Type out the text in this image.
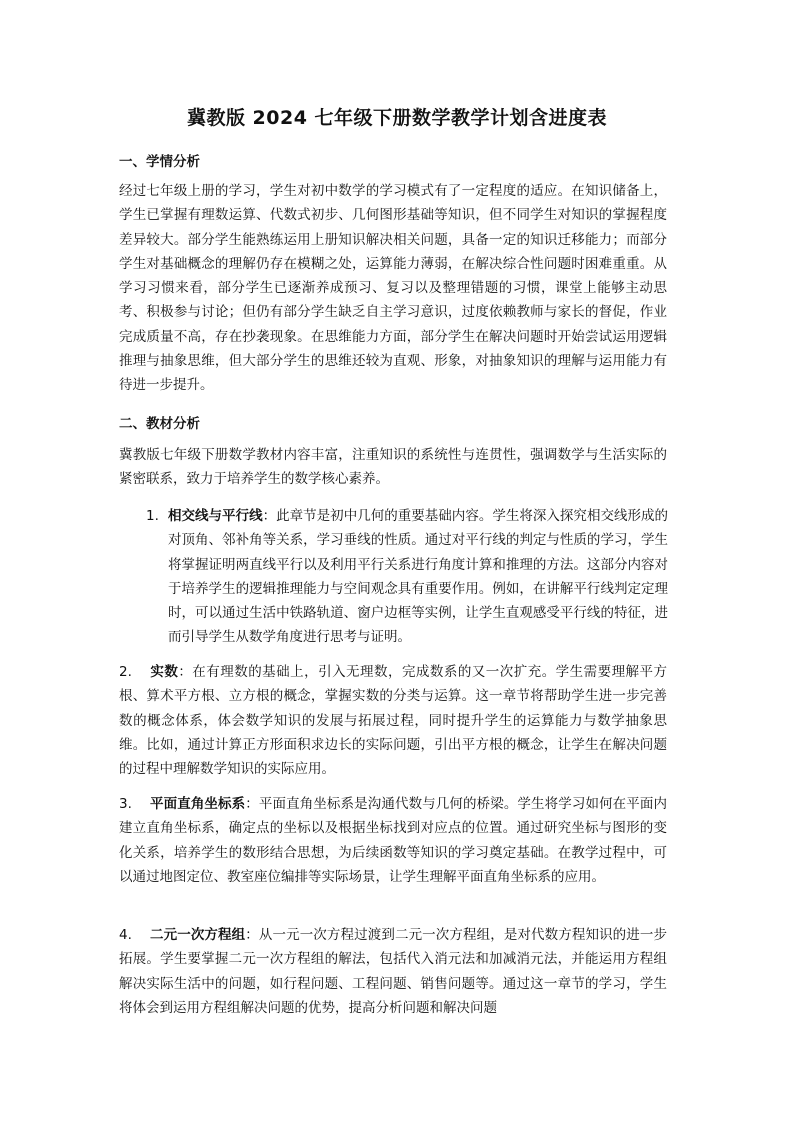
冀教版 2024 七年级下册数学教学计划含进度表
一、学情分析

经过七年级上册的学习，学生对初中数学的学习模式有了一定程度的适应。在知识储备上，学生已掌握有理数运算、代数式初步、几何图形基础等知识，但不同学生对知识的掌握程度差异较大。部分学生能熟练运用上册知识解决相关问题，具备一定的知识迁移能力；而部分学生对基础概念的理解仍存在模糊之处，运算能力薄弱，在解决综合性问题时困难重重。从学习习惯来看，部分学生已逐渐养成预习、复习以及整理错题的习惯，课堂上能够主动思考、积极参与讨论；但仍有部分学生缺乏自主学习意识，过度依赖教师与家长的督促，作业完成质量不高，存在抄袭现象。在思维能力方面，部分学生在解决问题时开始尝试运用逻辑推理与抽象思维，但大部分学生的思维还较为直观、形象，对抽象知识的理解与运用能力有待进一步提升。

二、教材分析

冀教版七年级下册数学教材内容丰富，注重知识的系统性与连贯性，强调数学与生活实际的紧密联系，致力于培养学生的数学核心素养。

1. 相交线与平行线：此章节是初中几何的重要基础内容。学生将深入探究相交线形成的对顶角、邻补角等关系，学习垂线的性质。通过对平行线的判定与性质的学习，学生将掌握证明两直线平行以及利用平行关系进行角度计算和推理的方法。这部分内容对于培养学生的逻辑推理能力与空间观念具有重要作用。例如，在讲解平行线判定定理时，可以通过生活中铁路轨道、窗户边框等实例，让学生直观感受平行线的特征，进而引导学生从数学角度进行思考与证明。

2. 实数：在有理数的基础上，引入无理数，完成数系的又一次扩充。学生需要理解平方根、算术平方根、立方根的概念，掌握实数的分类与运算。这一章节将帮助学生进一步完善数的概念体系，体会数学知识的发展与拓展过程，同时提升学生的运算能力与数学抽象思维。比如，通过计算正方形面积求边长的实际问题，引出平方根的概念，让学生在解决问题的过程中理解数学知识的实际应用。

3. 平面直角坐标系：平面直角坐标系是沟通代数与几何的桥梁。学生将学习如何在平面内建立直角坐标系，确定点的坐标以及根据坐标找到对应点的位置。通过研究坐标与图形的变化关系，培养学生的数形结合思想，为后续函数等知识的学习奠定基础。在教学过程中，可以通过地图定位、教室座位编排等实际场景，让学生理解平面直角坐标系的应用。

4. 二元一次方程组：从一元一次方程过渡到二元一次方程组，是对代数方程知识的进一步拓展。学生要掌握二元一次方程组的解法，包括代入消元法和加减消元法，并能运用方程组解决实际生活中的问题，如行程问题、工程问题、销售问题等。通过这一章节的学习，学生将体会到运用方程组解决问题的优势，提高分析问题和解决问题
